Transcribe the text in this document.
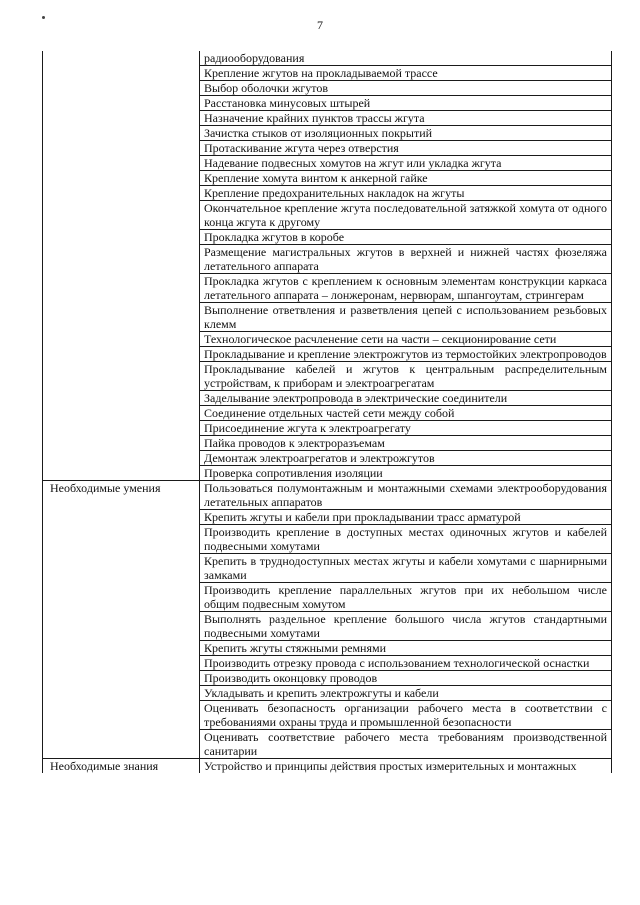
7
	радиооборудования
	Крепление жгутов на прокладываемой трассе
	Выбор оболочки жгутов
	Расстановка минусовых штырей
	Назначение крайних пунктов трассы жгута
	Зачистка стыков от изоляционных покрытий
	Протаскивание жгута через отверстия
	Надевание подвесных хомутов на жгут или укладка жгута
	Крепление хомута винтом к анкерной гайке
	Крепление предохранительных накладок на жгуты
	Окончательное крепление жгута последовательной затяжкой хомута от одного конца жгута к другому
	Прокладка жгутов в коробе
	Размещение магистральных жгутов в верхней и нижней частях фюзеляжа летательного аппарата
	Прокладка жгутов с креплением к основным элементам конструкции каркаса летательного аппарата – лонжеронам, нервюрам, шпангоутам, стрингерам
	Выполнение ответвления и разветвления цепей с использованием резьбовых клемм
	Технологическое расчленение сети на части – секционирование сети
	Прокладывание и крепление электрожгутов из термостойких электропроводов
	Прокладывание кабелей и жгутов к центральным распределительным устройствам, к приборам и электроагрегатам
	Заделывание электропровода в электрические соединители
	Соединение отдельных частей сети между собой
	Присоединение жгута к электроагрегату
	Пайка проводов к электроразъемам
	Демонтаж электроагрегатов и электрожгутов
	Проверка сопротивления изоляции
Необходимые умения	Пользоваться полумонтажным и монтажными схемами электрооборудования летательных аппаратов
	Крепить жгуты и кабели при прокладывании трасс арматурой
	Производить крепление в доступных местах одиночных жгутов и кабелей подвесными хомутами
	Крепить в труднодоступных местах жгуты и кабели хомутами с шарнирными замками
	Производить крепление параллельных жгутов при их небольшом числе общим подвесным хомутом
	Выполнять раздельное крепление большого числа жгутов стандартными подвесными хомутами
	Крепить жгуты стяжными ремнями
	Производить отрезку провода с использованием технологической оснастки
	Производить оконцовку проводов
	Укладывать и крепить электрожгуты и кабели
	Оценивать безопасность организации рабочего места в соответствии с требованиями охраны труда и промышленной безопасности
	Оценивать соответствие рабочего места требованиям производственной санитарии
Необходимые знания	Устройство и принципы действия простых измерительных и монтажных
